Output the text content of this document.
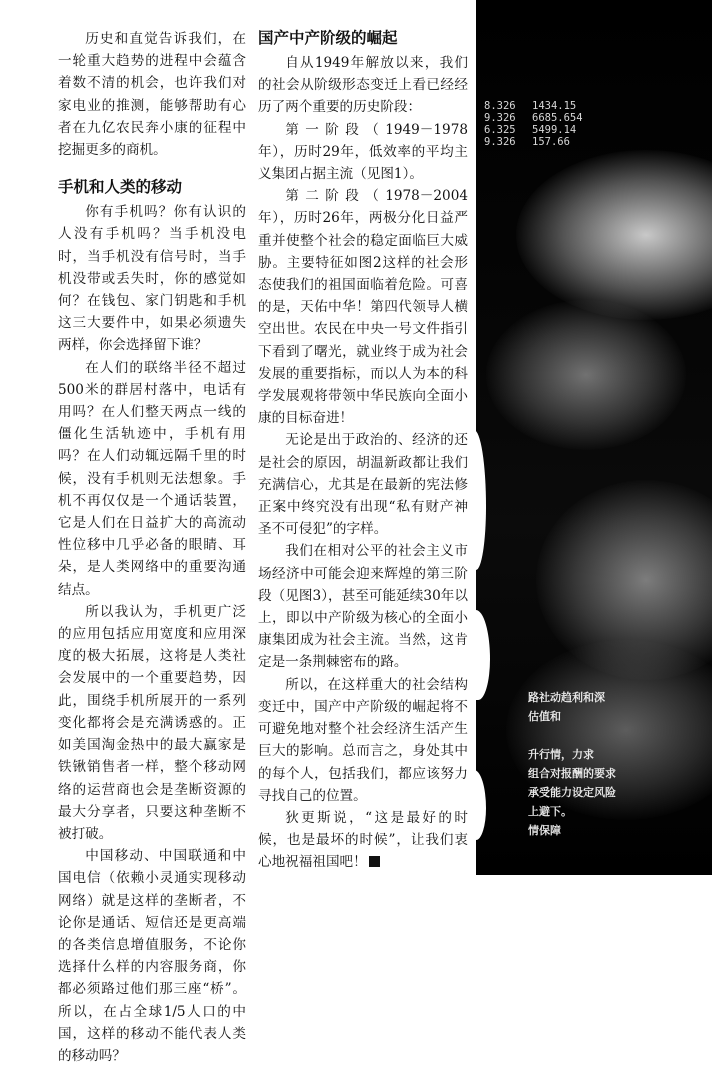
历史和直觉告诉我们，在一轮重大趋势的进程中会蕴含着数不清的机会，也许我们对家电业的推测，能够帮助有心者在九亿农民奔小康的征程中挖掘更多的商机。

手机和人类的移动

你有手机吗？你有认识的人没有手机吗？当手机没电时，当手机没有信号时，当手机没带或丢失时，你的感觉如何？在钱包、家门钥匙和手机这三大要件中，如果必须遗失两样，你会选择留下谁？

在人们的联络半径不超过500米的群居村落中，电话有用吗？在人们整天两点一线的僵化生活轨迹中，手机有用吗？在人们动辄远隔千里的时候，没有手机则无法想象。手机不再仅仅是一个通话装置，它是人们在日益扩大的高流动性位移中几乎必备的眼睛、耳朵，是人类网络中的重要沟通结点。

所以我认为，手机更广泛的应用包括应用宽度和应用深度的极大拓展，这将是人类社会发展中的一个重要趋势，因此，围绕手机所展开的一系列变化都将会是充满诱惑的。正如美国淘金热中的最大赢家是铁锹销售者一样，整个移动网络的运营商也会是垄断资源的最大分享者，只要这种垄断不被打破。

中国移动、中国联通和中国电信（依赖小灵通实现移动网络）就是这样的垄断者，不论你是通话、短信还是更高端的各类信息增值服务，不论你选择什么样的内容服务商，你都必须路过他们那三座“桥”。所以，在占全球1/5人口的中国，这样的移动不能代表人类的移动吗？

国产中产阶级的崛起

自从1949年解放以来，我们的社会从阶级形态变迁上看已经经历了两个重要的历史阶段：

第一阶段（1949－1978年），历时29年，低效率的平均主义集团占据主流（见图1）。

第二阶段（1978－2004年），历时26年，两极分化日益严重并使整个社会的稳定面临巨大威胁。主要特征如图2这样的社会形态使我们的祖国面临着危险。可喜的是，天佑中华！第四代领导人横空出世。农民在中央一号文件指引下看到了曙光，就业终于成为社会发展的重要指标，而以人为本的科学发展观将带领中华民族向全面小康的目标奋进！

无论是出于政治的、经济的还是社会的原因，胡温新政都让我们充满信心，尤其是在最新的宪法修正案中终究没有出现“私有财产神圣不可侵犯”的字样。

我们在相对公平的社会主义市场经济中可能会迎来辉煌的第三阶段（见图3），甚至可能延续30年以上，即以中产阶级为核心的全面小康集团成为社会主流。当然，这肯定是一条荆棘密布的路。

所以，在这样重大的社会结构变迁中，国产中产阶级的崛起将不可避免地对整个社会经济生活产生巨大的影响。总而言之，身处其中的每个人，包括我们，都应该努力寻找自己的位置。

狄更斯说，“这是最好的时候，也是最坏的时候”，让我们衷心地祝福祖国吧！

8.326 1434.15
9.326 6685.654
6.325 5499.14
9.326 157.66
路社动趋利和深
估值和

升行情，力求
组合对报酬的要求
承受能力设定风险
上避下。
情保障
